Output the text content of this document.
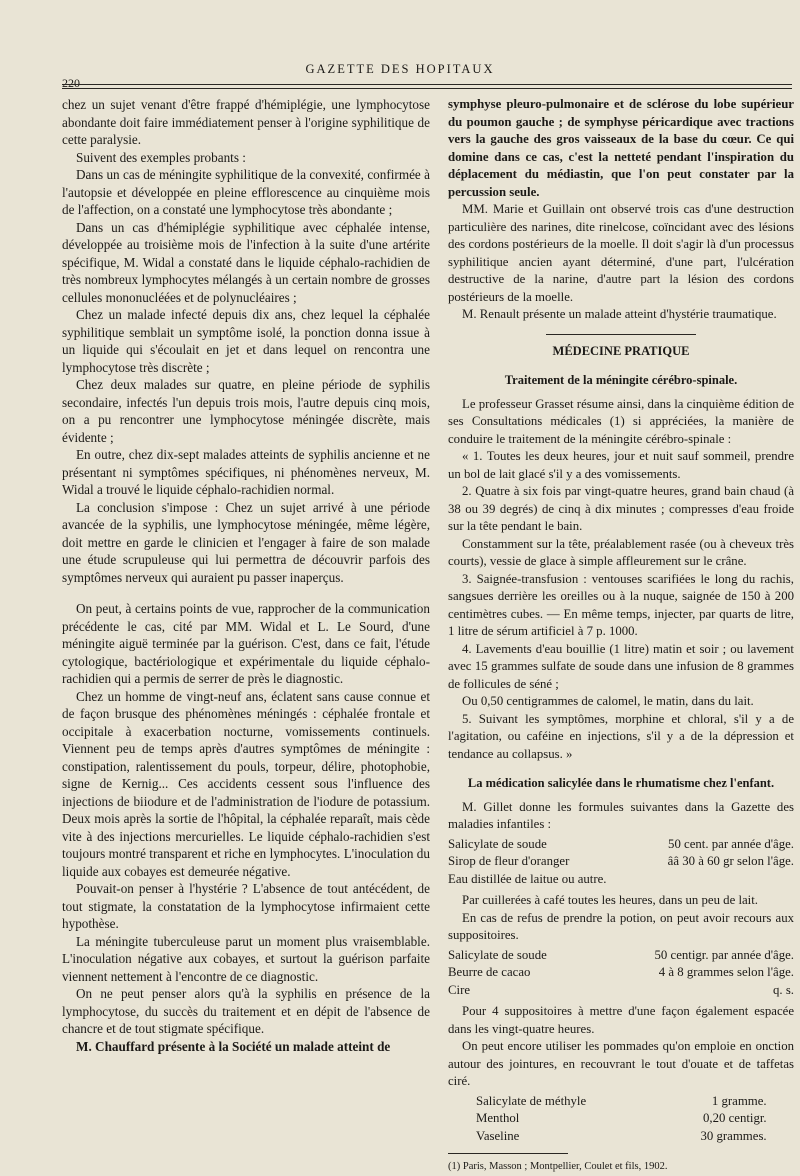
220
GAZETTE DES HOPITAUX

chez un sujet venant d'être frappé d'hémiplégie, une lymphocytose abondante doit faire immédiatement penser à l'origine syphilitique de cette paralysie.

Suivent des exemples probants :

Dans un cas de méningite syphilitique de la convexité, confirmée à l'autopsie et développée en pleine efflorescence au cinquième mois de l'affection, on a constaté une lymphocytose très abondante ;

Dans un cas d'hémiplégie syphilitique avec céphalée intense, développée au troisième mois de l'infection à la suite d'une artérite spécifique, M. Widal a constaté dans le liquide céphalo-rachidien de très nombreux lymphocytes mélangés à un certain nombre de grosses cellules mononucléées et de polynucléaires ;

Chez un malade infecté depuis dix ans, chez lequel la céphalée syphilitique semblait un symptôme isolé, la ponction donna issue à un liquide qui s'écoulait en jet et dans lequel on rencontra une lymphocytose très discrète ;

Chez deux malades sur quatre, en pleine période de syphilis secondaire, infectés l'un depuis trois mois, l'autre depuis cinq mois, on a pu rencontrer une lymphocytose méningée discrète, mais évidente ;

En outre, chez dix-sept malades atteints de syphilis ancienne et ne présentant ni symptômes spécifiques, ni phénomènes nerveux, M. Widal a trouvé le liquide céphalo-rachidien normal.

La conclusion s'impose : Chez un sujet arrivé à une période avancée de la syphilis, une lymphocytose méningée, même légère, doit mettre en garde le clinicien et l'engager à faire de son malade une étude scrupuleuse qui lui permettra de découvrir parfois des symptômes nerveux qui auraient pu passer inaperçus.

On peut, à certains points de vue, rapprocher de la communication précédente le cas, cité par MM. Widal et L. Le Sourd, d'une méningite aiguë terminée par la guérison. C'est, dans ce fait, l'étude cytologique, bactériologique et expérimentale du liquide céphalo-rachidien qui a permis de serrer de près le diagnostic.

Chez un homme de vingt-neuf ans, éclatent sans cause connue et de façon brusque des phénomènes méningés : céphalée frontale et occipitale à exacerbation nocturne, vomissements continuels. Viennent peu de temps après d'autres symptômes de méningite : constipation, ralentissement du pouls, torpeur, délire, photophobie, signe de Kernig... Ces accidents cessent sous l'influence des injections de biiodure et de l'administration de l'iodure de potassium. Deux mois après la sortie de l'hôpital, la céphalée reparaît, mais cède vite à des injections mercurielles. Le liquide céphalo-rachidien s'est toujours montré transparent et riche en lymphocytes. L'inoculation du liquide aux cobayes est demeurée négative.

Pouvait-on penser à l'hystérie ? L'absence de tout antécédent, de tout stigmate, la constatation de la lymphocytose infirmaient cette hypothèse.

La méningite tuberculeuse parut un moment plus vraisemblable. L'inoculation négative aux cobayes, et surtout la guérison parfaite viennent nettement à l'encontre de ce diagnostic.

On ne peut penser alors qu'à la syphilis en présence de la lymphocytose, du succès du traitement et en dépit de l'absence de chancre et de tout stigmate spécifique.

M. Chauffard présente à la Société un malade atteint de

symphyse pleuro-pulmonaire et de sclérose du lobe supérieur du poumon gauche ; de symphyse péricardique avec tractions vers la gauche des gros vaisseaux de la base du cœur. Ce qui domine dans ce cas, c'est la netteté pendant l'inspiration du déplacement du médiastin, que l'on peut constater par la percussion seule.

MM. Marie et Guillain ont observé trois cas d'une destruction particulière des narines, dite rinelcose, coïncidant avec des lésions des cordons postérieurs de la moelle. Il doit s'agir là d'un processus syphilitique ancien ayant déterminé, d'une part, l'ulcération destructive de la narine, d'autre part la lésion des cordons postérieurs de la moelle.

M. Renault présente un malade atteint d'hystérie traumatique.

MÉDECINE PRATIQUE
Traitement de la méningite cérébro-spinale.

Le professeur Grasset résume ainsi, dans la cinquième édition de ses Consultations médicales (1) si appréciées, la manière de conduire le traitement de la méningite cérébro-spinale :

« 1. Toutes les deux heures, jour et nuit sauf sommeil, prendre un bol de lait glacé s'il y a des vomissements.

2. Quatre à six fois par vingt-quatre heures, grand bain chaud (à 38 ou 39 degrés) de cinq à dix minutes ; compresses d'eau froide sur la tête pendant le bain.

Constamment sur la tête, préalablement rasée (ou à cheveux très courts), vessie de glace à simple affleurement sur le crâne.

3. Saignée-transfusion : ventouses scarifiées le long du rachis, sangsues derrière les oreilles ou à la nuque, saignée de 150 à 200 centimètres cubes. — En même temps, injecter, par quarts de litre, 1 litre de sérum artificiel à 7 p. 1000.

4. Lavements d'eau bouillie (1 litre) matin et soir ; ou lavement avec 15 grammes sulfate de soude dans une infusion de 8 grammes de follicules de séné ;

Ou 0,50 centigrammes de calomel, le matin, dans du lait.

5. Suivant les symptômes, morphine et chloral, s'il y a de l'agitation, ou caféine en injections, s'il y a de la dépression et tendance au collapsus. »

La médication salicylée dans le rhumatisme chez l'enfant.

M. Gillet donne les formules suivantes dans la Gazette des maladies infantiles :

Salicylate de soude	50 cent. par année d'âge.
Sirop de fleur d'oranger	ââ 30 à 60 gr selon l'âge.
Eau distillée de laitue ou autre.	

Par cuillerées à café toutes les heures, dans un peu de lait.

En cas de refus de prendre la potion, on peut avoir recours aux suppositoires.

Salicylate de soude	50 centigr. par année d'âge.
Beurre de cacao	4 à 8 grammes selon l'âge.
Cire	q. s.

Pour 4 suppositoires à mettre d'une façon également espacée dans les vingt-quatre heures.

On peut encore utiliser les pommades qu'on emploie en onction autour des jointures, en recouvrant le tout d'ouate et de taffetas ciré.

Salicylate de méthyle	1 gramme.
Menthol	0,20 centigr.
Vaseline	30 grammes.
(1) Paris, Masson ; Montpellier, Coulet et fils, 1902.
